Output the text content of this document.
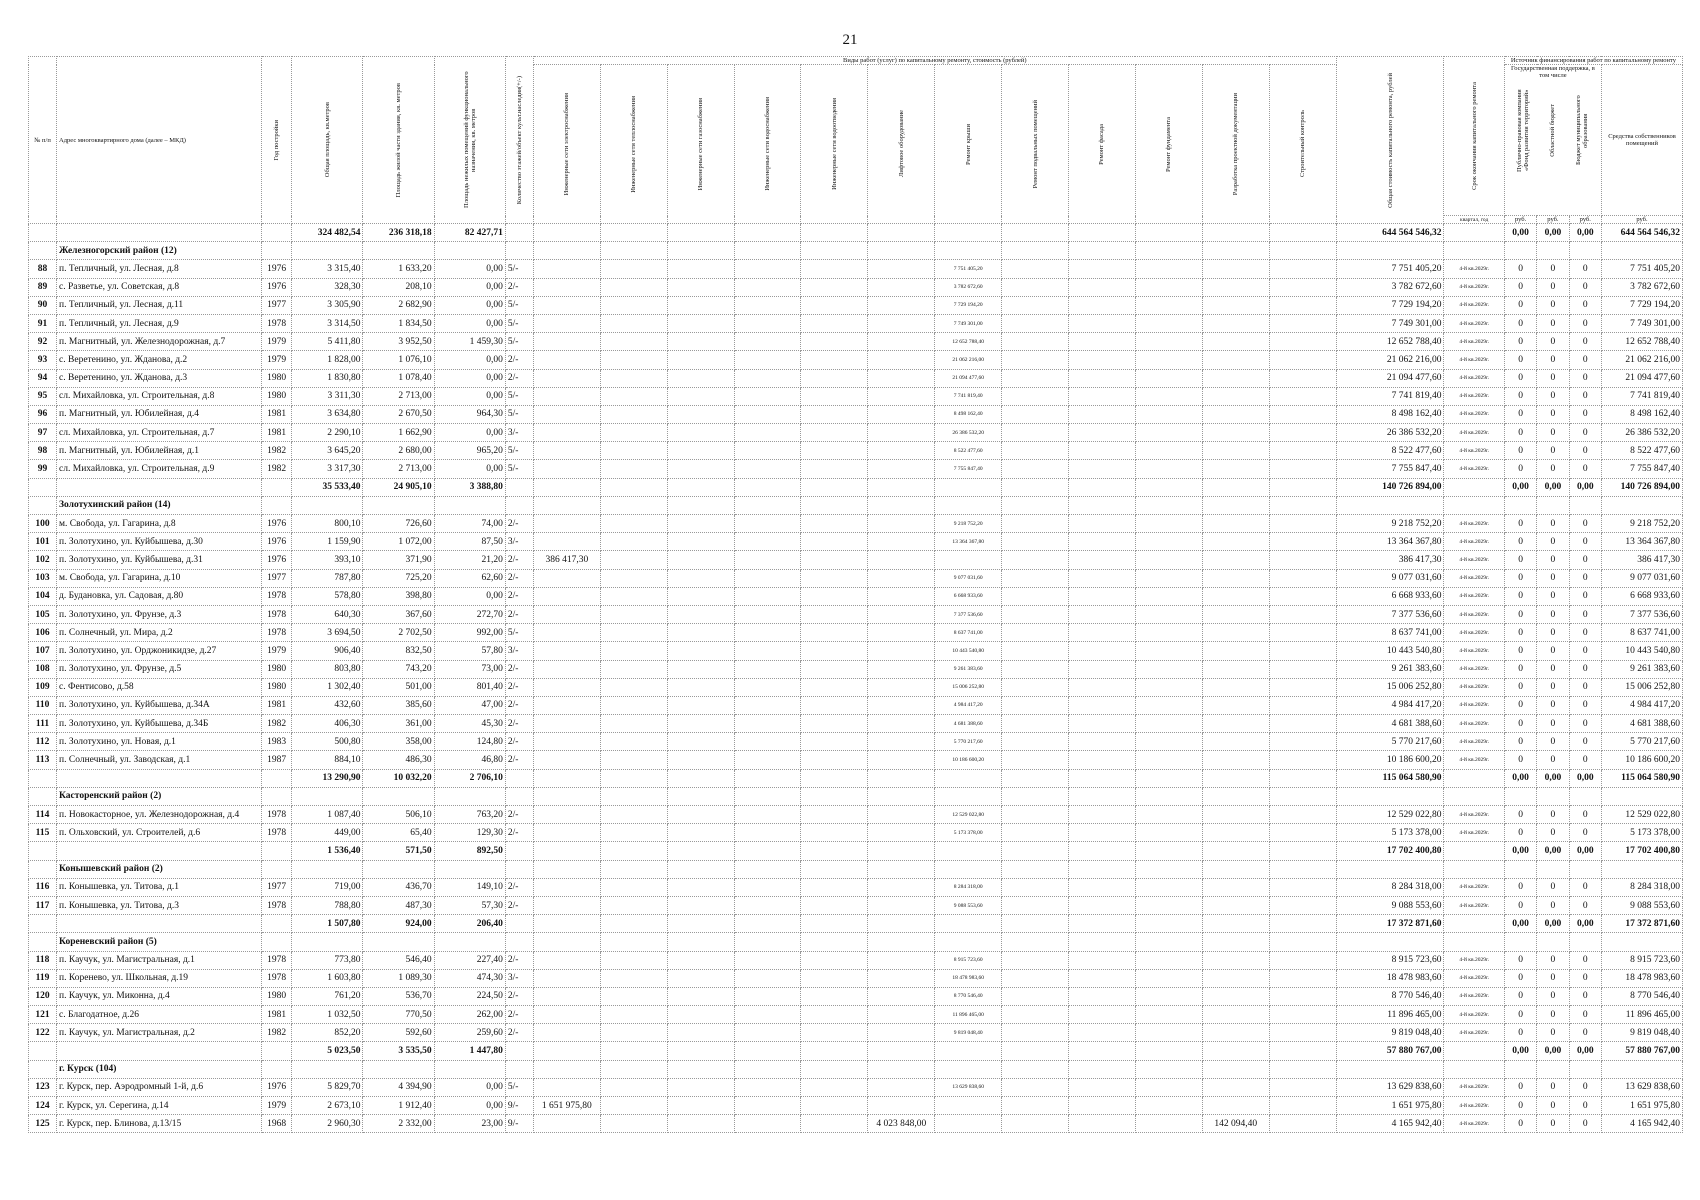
21
№ п/п	Адрес многоквартирного дома (далее – МКД)	Год постройки	Общая площадь, кв.метров	Площадь жилой части здания, кв. метров	Площадь нежилых помещений функционального назначения, кв. метров	Количество этажей/объект культ.наследия(+/-)	Виды работ (услуг) по капитальному ремонту, стоимость (рублей)												Общая стоимость капитального ремонта, рублей	Срок окончания капитального ремонта	Источник финансирования работ по капитальному ремонту			

							Инженерные сети электроснабжения	Инженерные сети теплоснабжения	Инженерные сети газоснабжения	Инженерные сети водоснабжения	Инженерные сети водоотведения	Лифтовое оборудование	Ремонт крыши	Ремонт подвальных помещений	Ремонт фасада	Ремонт фундамента	Разработка проектной документации	Строительный контроль			Государственная поддержка, в том числе
Публично-правовая компания «Фонд развития территорий» Областной бюджет Бюджет муниципального образования			Средства собственников помещений
																				квартал, год	руб.	руб.	руб.	руб.
			324 482,54	236 318,18	82 427,71														644 564 546,32		0,00	0,00	0,00	644 564 546,32
	Железногорский район (12)																							
88	п. Тепличный, ул. Лесная, д.8	1976	3 315,40	1 633,20	0,00	5/-							7 751 405,20						7 751 405,20	4-й кв.2029г.	0	0	0	7 751 405,20
89	с. Разветье, ул. Советская, д.8	1976	328,30	208,10	0,00	2/-							3 782 672,60						3 782 672,60	4-й кв.2029г.	0	0	0	3 782 672,60
90	п. Тепличный, ул. Лесная, д.11	1977	3 305,90	2 682,90	0,00	5/-							7 729 194,20						7 729 194,20	4-й кв.2029г.	0	0	0	7 729 194,20
91	п. Тепличный, ул. Лесная, д.9	1978	3 314,50	1 834,50	0,00	5/-							7 749 301,00						7 749 301,00	4-й кв.2029г.	0	0	0	7 749 301,00
92	п. Магнитный, ул. Железнодорожная, д.7	1979	5 411,80	3 952,50	1 459,30	5/-							12 652 788,40						12 652 788,40	4-й кв.2029г.	0	0	0	12 652 788,40
93	с. Веретенино, ул. Жданова, д.2	1979	1 828,00	1 076,10	0,00	2/-							21 062 216,00						21 062 216,00	4-й кв.2029г.	0	0	0	21 062 216,00
94	с. Веретенино, ул. Жданова, д.3	1980	1 830,80	1 078,40	0,00	2/-							21 094 477,60						21 094 477,60	4-й кв.2029г.	0	0	0	21 094 477,60
95	сл. Михайловка, ул. Строительная, д.8	1980	3 311,30	2 713,00	0,00	5/-							7 741 819,40						7 741 819,40	4-й кв.2029г.	0	0	0	7 741 819,40
96	п. Магнитный, ул. Юбилейная, д.4	1981	3 634,80	2 670,50	964,30	5/-							8 498 162,40						8 498 162,40	4-й кв.2029г.	0	0	0	8 498 162,40
97	сл. Михайловка, ул. Строительная, д.7	1981	2 290,10	1 662,90	0,00	3/-							26 386 532,20						26 386 532,20	4-й кв.2029г.	0	0	0	26 386 532,20
98	п. Магнитный, ул. Юбилейная, д.1	1982	3 645,20	2 680,00	965,20	5/-							8 522 477,60						8 522 477,60	4-й кв.2029г.	0	0	0	8 522 477,60
99	сл. Михайловка, ул. Строительная, д.9	1982	3 317,30	2 713,00	0,00	5/-							7 755 847,40						7 755 847,40	4-й кв.2029г.	0	0	0	7 755 847,40
			35 533,40	24 905,10	3 388,80														140 726 894,00		0,00	0,00	0,00	140 726 894,00
	Золотухинский район (14)																							
100	м. Свобода, ул. Гагарина, д.8	1976	800,10	726,60	74,00	2/-							9 218 752,20						9 218 752,20	4-й кв.2029г.	0	0	0	9 218 752,20
101	п. Золотухино, ул. Куйбышева, д.30	1976	1 159,90	1 072,00	87,50	3/-							13 364 367,80						13 364 367,80	4-й кв.2029г.	0	0	0	13 364 367,80
102	п. Золотухино, ул. Куйбышева, д.31	1976	393,10	371,90	21,20	2/-	386 417,30												386 417,30	4-й кв.2029г.	0	0	0	386 417,30
103	м. Свобода, ул. Гагарина, д.10	1977	787,80	725,20	62,60	2/-							9 077 031,60						9 077 031,60	4-й кв.2029г.	0	0	0	9 077 031,60
104	д. Будановка, ул. Садовая, д.80	1978	578,80	398,80	0,00	2/-							6 668 933,60						6 668 933,60	4-й кв.2029г.	0	0	0	6 668 933,60
105	п. Золотухино, ул. Фрунзе, д.3	1978	640,30	367,60	272,70	2/-							7 377 536,60						7 377 536,60	4-й кв.2029г.	0	0	0	7 377 536,60
106	п. Солнечный, ул. Мира, д.2	1978	3 694,50	2 702,50	992,00	5/-							8 637 741,00						8 637 741,00	4-й кв.2029г.	0	0	0	8 637 741,00
107	п. Золотухино, ул. Орджоникидзе, д.27	1979	906,40	832,50	57,80	3/-							10 443 540,80						10 443 540,80	4-й кв.2029г.	0	0	0	10 443 540,80
108	п. Золотухино, ул. Фрунзе, д.5	1980	803,80	743,20	73,00	2/-							9 261 383,60						9 261 383,60	4-й кв.2029г.	0	0	0	9 261 383,60
109	с. Фентисово, д.58	1980	1 302,40	501,00	801,40	2/-							15 006 252,80						15 006 252,80	4-й кв.2029г.	0	0	0	15 006 252,80
110	п. Золотухино, ул. Куйбышева, д.34А	1981	432,60	385,60	47,00	2/-							4 984 417,20						4 984 417,20	4-й кв.2029г.	0	0	0	4 984 417,20
111	п. Золотухино, ул. Куйбышева, д.34Б	1982	406,30	361,00	45,30	2/-							4 681 388,60						4 681 388,60	4-й кв.2029г.	0	0	0	4 681 388,60
112	п. Золотухино, ул. Новая, д.1	1983	500,80	358,00	124,80	2/-							5 770 217,60						5 770 217,60	4-й кв.2029г.	0	0	0	5 770 217,60
113	п. Солнечный, ул. Заводская, д.1	1987	884,10	486,30	46,80	2/-							10 186 600,20						10 186 600,20	4-й кв.2029г.	0	0	0	10 186 600,20
			13 290,90	10 032,20	2 706,10														115 064 580,90		0,00	0,00	0,00	115 064 580,90
	Касторенский район (2)																							
114	п. Новокасторное, ул. Железнодорожная, д.4	1978	1 087,40	506,10	763,20	2/-							12 529 022,80						12 529 022,80	4-й кв.2029г.	0	0	0	12 529 022,80
115	п. Ольховский, ул. Строителей, д.6	1978	449,00	65,40	129,30	2/-							5 173 378,00						5 173 378,00	4-й кв.2029г.	0	0	0	5 173 378,00
			1 536,40	571,50	892,50														17 702 400,80		0,00	0,00	0,00	17 702 400,80
	Конышевский район (2)																							
116	п. Конышевка, ул. Титова, д.1	1977	719,00	436,70	149,10	2/-							8 284 318,00						8 284 318,00	4-й кв.2029г.	0	0	0	8 284 318,00
117	п. Конышевка, ул. Титова, д.3	1978	788,80	487,30	57,30	2/-							9 088 553,60						9 088 553,60	4-й кв.2029г.	0	0	0	9 088 553,60
			1 507,80	924,00	206,40														17 372 871,60		0,00	0,00	0,00	17 372 871,60
	Кореневский район (5)																							
118	п. Каучук, ул. Магистральная, д.1	1978	773,80	546,40	227,40	2/-							8 915 723,60						8 915 723,60	4-й кв.2029г.	0	0	0	8 915 723,60
119	п. Коренево, ул. Школьная, д.19	1978	1 603,80	1 089,30	474,30	3/-							18 478 983,60						18 478 983,60	4-й кв.2029г.	0	0	0	18 478 983,60
120	п. Каучук, ул. Миконна, д.4	1980	761,20	536,70	224,50	2/-							8 770 546,40						8 770 546,40	4-й кв.2029г.	0	0	0	8 770 546,40
121	с. Благодатное, д.26	1981	1 032,50	770,50	262,00	2/-							11 896 465,00						11 896 465,00	4-й кв.2029г.	0	0	0	11 896 465,00
122	п. Каучук, ул. Магистральная, д.2	1982	852,20	592,60	259,60	2/-							9 819 048,40						9 819 048,40	4-й кв.2029г.	0	0	0	9 819 048,40
			5 023,50	3 535,50	1 447,80														57 880 767,00		0,00	0,00	0,00	57 880 767,00
	г. Курск (104)																							
123	г. Курск, пер. Аэродромный 1-й, д.6	1976	5 829,70	4 394,90	0,00	5/-							13 629 838,60						13 629 838,60	4-й кв.2029г.	0	0	0	13 629 838,60
124	г. Курск, ул. Серегина, д.14	1979	2 673,10	1 912,40	0,00	9/-	1 651 975,80												1 651 975,80	4-й кв.2029г.	0	0	0	1 651 975,80
125	г. Курск, пер. Блинова, д.13/15	1968	2 960,30	2 332,00	23,00	9/-						4 023 848,00					142 094,40		4 165 942,40	4-й кв.2029г.	0	0	0	4 165 942,40
